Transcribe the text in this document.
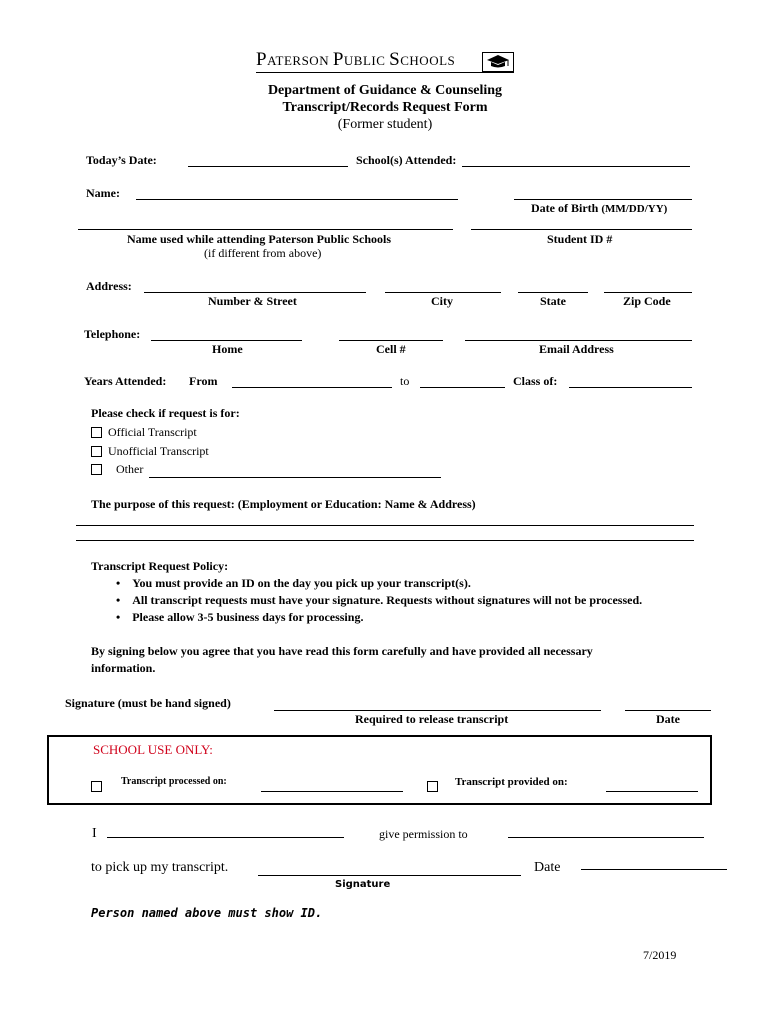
PATERSON PUBLIC SCHOOLS
Department of Guidance & Counseling
Transcript/Records Request Form
(Former student)
Today’s Date:	School(s) Attended:
Name:
Date of Birth (MM/DD/YY)
Name used while attending Paterson Public Schools
(if different from above)
Student ID #
Address:
Number & Street	City	State	Zip Code
Telephone:
Home	Cell #	Email Address
Years Attended: From	to	Class of:
Please check if request is for:
Official Transcript
Unofficial Transcript
Other
The purpose of this request: (Employment or Education: Name & Address)
Transcript Request Policy:
• You must provide an ID on the day you pick up your transcript(s).
• All transcript requests must have your signature. Requests without signatures will not be processed.
• Please allow 3-5 business days for processing.
By signing below you agree that you have read this form carefully and have provided all necessary
information.
Signature (must be hand signed)
Required to release transcript	Date
SCHOOL USE ONLY:
Transcript processed on:	Transcript provided on:
I	give permission to
to pick up my transcript.
Signature
Date
Person named above must show ID.
7/2019
